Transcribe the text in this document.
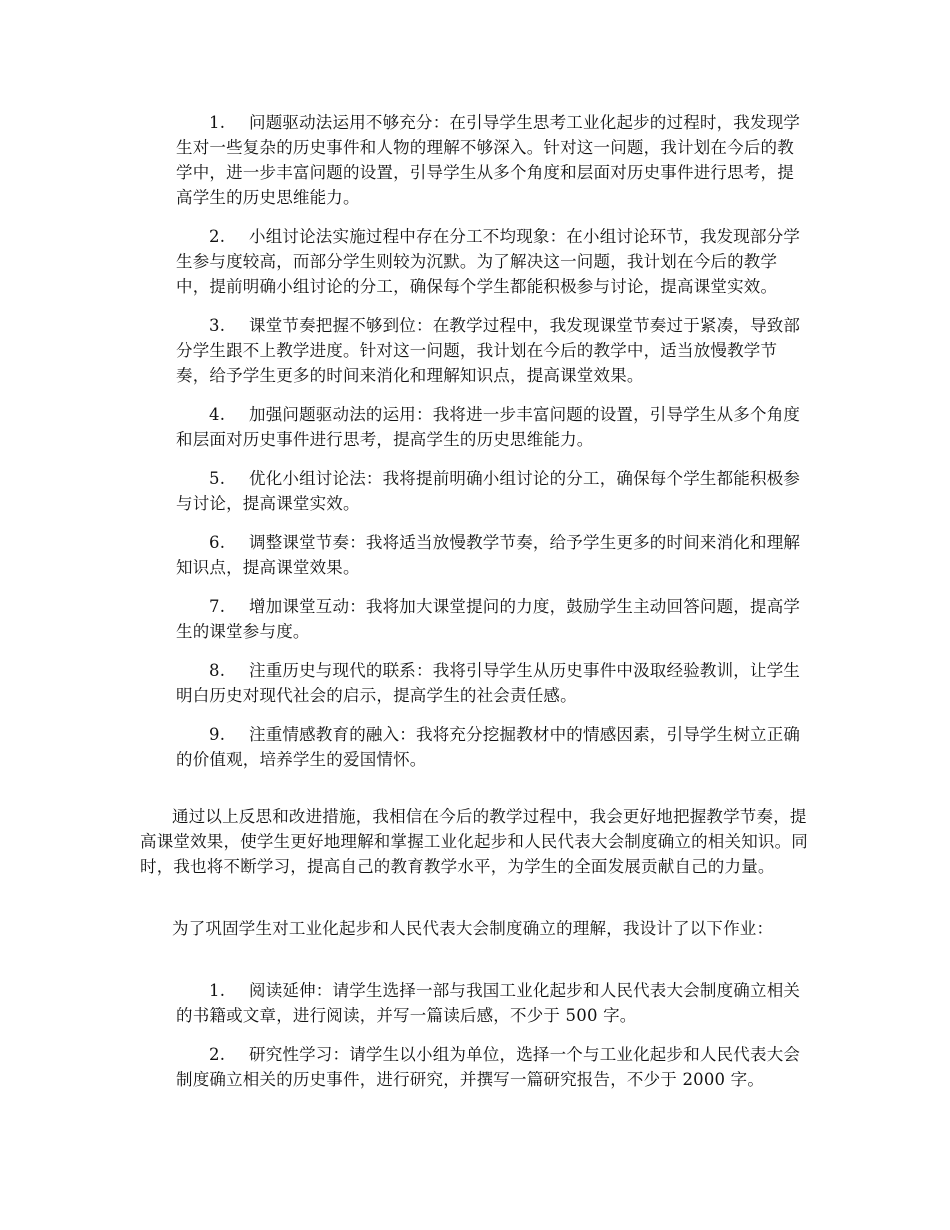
1. 问题驱动法运用不够充分：在引导学生思考工业化起步的过程时，我发现学生对一些复杂的历史事件和人物的理解不够深入。针对这一问题，我计划在今后的教学中，进一步丰富问题的设置，引导学生从多个角度和层面对历史事件进行思考，提高学生的历史思维能力。

2. 小组讨论法实施过程中存在分工不均现象：在小组讨论环节，我发现部分学生参与度较高，而部分学生则较为沉默。为了解决这一问题，我计划在今后的教学中，提前明确小组讨论的分工，确保每个学生都能积极参与讨论，提高课堂实效。

3. 课堂节奏把握不够到位：在教学过程中，我发现课堂节奏过于紧凑，导致部分学生跟不上教学进度。针对这一问题，我计划在今后的教学中，适当放慢教学节奏，给予学生更多的时间来消化和理解知识点，提高课堂效果。

4. 加强问题驱动法的运用：我将进一步丰富问题的设置，引导学生从多个角度和层面对历史事件进行思考，提高学生的历史思维能力。

5. 优化小组讨论法：我将提前明确小组讨论的分工，确保每个学生都能积极参与讨论，提高课堂实效。

6. 调整课堂节奏：我将适当放慢教学节奏，给予学生更多的时间来消化和理解知识点，提高课堂效果。

7. 增加课堂互动：我将加大课堂提问的力度，鼓励学生主动回答问题，提高学生的课堂参与度。

8. 注重历史与现代的联系：我将引导学生从历史事件中汲取经验教训，让学生明白历史对现代社会的启示，提高学生的社会责任感。

9. 注重情感教育的融入：我将充分挖掘教材中的情感因素，引导学生树立正确的价值观，培养学生的爱国情怀。

通过以上反思和改进措施，我相信在今后的教学过程中，我会更好地把握教学节奏，提高课堂效果，使学生更好地理解和掌握工业化起步和人民代表大会制度确立的相关知识。同时，我也将不断学习，提高自己的教育教学水平，为学生的全面发展贡献自己的力量。

为了巩固学生对工业化起步和人民代表大会制度确立的理解，我设计了以下作业：

1. 阅读延伸：请学生选择一部与我国工业化起步和人民代表大会制度确立相关的书籍或文章，进行阅读，并写一篇读后感，不少于 500 字。

2. 研究性学习：请学生以小组为单位，选择一个与工业化起步和人民代表大会制度确立相关的历史事件，进行研究，并撰写一篇研究报告，不少于 2000 字。
